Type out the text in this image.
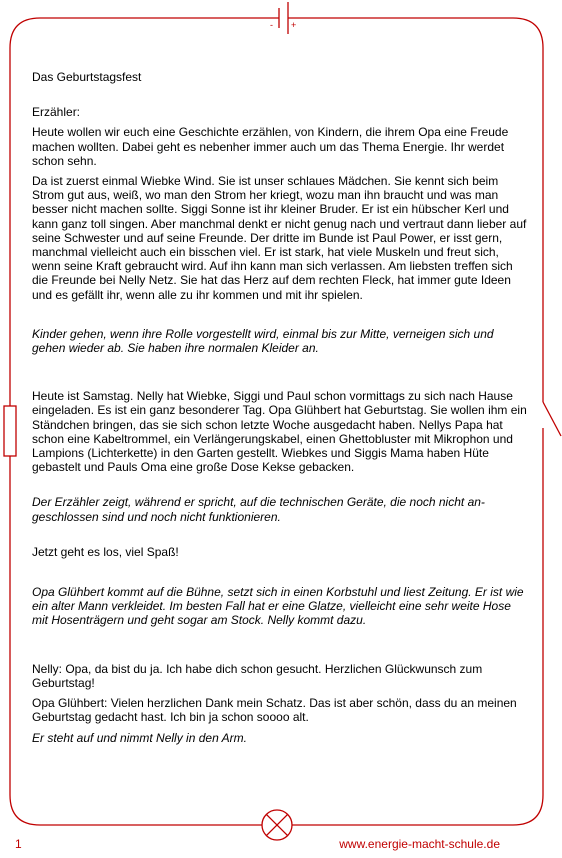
- +

Das Geburtstagsfest

Erzähler:

Heute wollen wir euch eine Geschichte erzählen, von Kindern, die ihrem Opa eine Freude machen wollten. Dabei geht es nebenher immer auch um das Thema Energie. Ihr werdet schon sehn.

Da ist zuerst einmal Wiebke Wind. Sie ist unser schlaues Mädchen. Sie kennt sich beim Strom gut aus, weiß, wo man den Strom her kriegt, wozu man ihn braucht und was man besser nicht machen sollte. Siggi Sonne ist ihr kleiner Bruder. Er ist ein hübscher Kerl und kann ganz toll singen. Aber manchmal denkt er nicht genug nach und vertraut dann lieber auf seine Schwester und auf seine Freunde. Der dritte im Bunde ist Paul Power, er isst gern, manchmal vielleicht auch ein bisschen viel. Er ist stark, hat viele Muskeln und freut sich, wenn seine Kraft gebraucht wird. Auf ihn kann man sich verlassen. Am liebsten treffen sich die Freunde bei Nelly Netz. Sie hat das Herz auf dem rechten Fleck, hat immer gute Ideen und es gefällt ihr, wenn alle zu ihr kommen und mit ihr spielen.

Kinder gehen, wenn ihre Rolle vorgestellt wird, einmal bis zur Mitte, verneigen sich und gehen wieder ab. Sie haben ihre normalen Kleider an.

Heute ist Samstag. Nelly hat Wiebke, Siggi und Paul schon vormittags zu sich nach Hause eingeladen. Es ist ein ganz besonderer Tag. Opa Glühbert hat Geburtstag. Sie wollen ihm ein Ständchen bringen, das sie sich schon letzte Woche ausgedacht haben. Nellys Papa hat schon eine Kabeltrommel, ein Verlängerungskabel, einen Ghettobluster mit Mikrophon und Lampions (Lichterkette) in den Garten gestellt. Wiebkes und Siggis Mama haben Hüte gebastelt und Pauls Oma eine große Dose Kekse gebacken.

Der Erzähler zeigt, während er spricht, auf die technischen Geräte, die noch nicht an-geschlossen sind und noch nicht funktionieren.

Jetzt geht es los, viel Spaß!

Opa Glühbert kommt auf die Bühne, setzt sich in einen Korbstuhl und liest Zeitung. Er ist wie ein alter Mann verkleidet. Im besten Fall hat er eine Glatze, vielleicht eine sehr weite Hose mit Hosenträgern und geht sogar am Stock. Nelly kommt dazu.

Nelly: Opa, da bist du ja. Ich habe dich schon gesucht. Herzlichen Glückwunsch zum Geburtstag!

Opa Glühbert: Vielen herzlichen Dank mein Schatz. Das ist aber schön, dass du an meinen Geburtstag gedacht hast. Ich bin ja schon soooo alt.

Er steht auf und nimmt Nelly in den Arm.

1	www.energie-macht-schule.de
